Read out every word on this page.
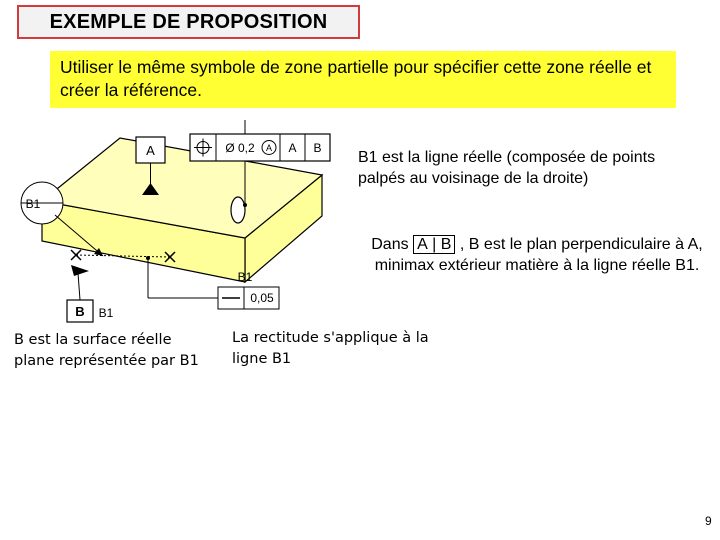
EXEMPLE DE PROPOSITION
Utiliser le même symbole de zone partielle pour spécifier cette zone réelle et créer la référence.
A	Ø 0,2 A A B
B1
B1
0,05
B B1
B1 est la ligne réelle (composée de points palpés au voisinage de la droite)
B est la surface réelle plane représentée par B1
Dans A | B , B est le plan perpendiculaire à A, minimax extérieur matière à la ligne réelle B1.
La rectitude s'applique à la ligne B1
9
